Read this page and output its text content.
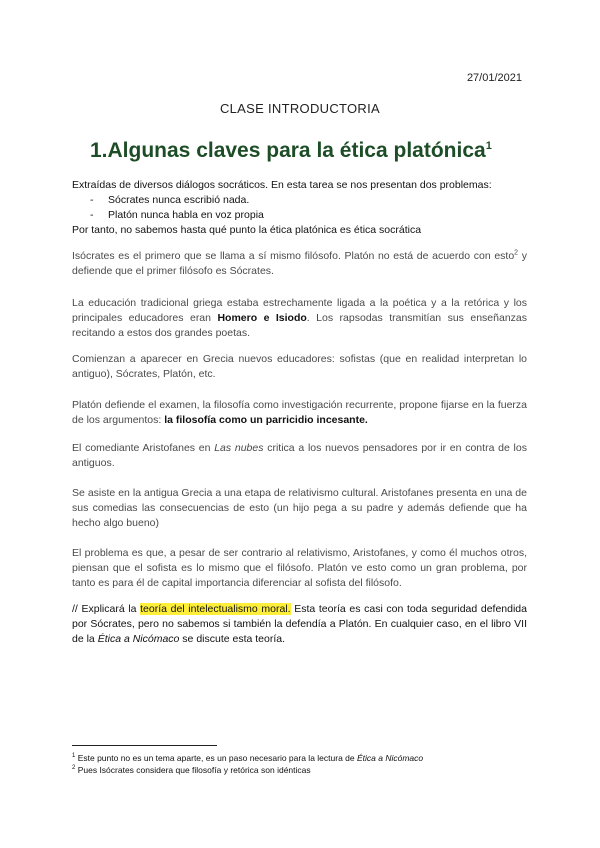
27/01/2021
CLASE INTRODUCTORIA
1.Algunas claves para la ética platónica$^1$
Extraídas de diversos diálogos socráticos. En esta tarea se nos presentan dos problemas:
- Sócrates nunca escribió nada.
- Platón nunca habla en voz propia
Por tanto, no sabemos hasta qué punto la ética platónica es ética socrática
Isócrates es el primero que se llama a sí mismo filósofo. Platón no está de acuerdo con esto$^2$ y defiende que el primer filósofo es Sócrates.
La educación tradicional griega estaba estrechamente ligada a la poética y a la retórica y los principales educadores eran Homero e Isiodo. Los rapsodas transmitían sus enseñanzas recitando a estos dos grandes poetas.
Comienzan a aparecer en Grecia nuevos educadores: sofistas (que en realidad interpretan lo antiguo), Sócrates, Platón, etc.
Platón defiende el examen, la filosofía como investigación recurrente, propone fijarse en la fuerza de los argumentos: la filosofía como un parricidio incesante.
El comediante Aristofanes en Las nubes critica a los nuevos pensadores por ir en contra de los antiguos.
Se asiste en la antigua Grecia a una etapa de relativismo cultural. Aristofanes presenta en una de sus comedias las consecuencias de esto (un hijo pega a su padre y además defiende que ha hecho algo bueno)
El problema es que, a pesar de ser contrario al relativismo, Aristofanes, y como él muchos otros, piensan que el sofista es lo mismo que el filósofo. Platón ve esto como un gran problema, por tanto es para él de capital importancia diferenciar al sofista del filósofo.
// Explicará la teoría del intelectualismo moral. Esta teoría es casi con toda seguridad defendida por Sócrates, pero no sabemos si también la defendía a Platón. En cualquier caso, en el libro VII de la Ética a Nicómaco se discute esta teoría.
$^1$ Este punto no es un tema aparte, es un paso necesario para la lectura de Ética a Nicómaco
$^2$ Pues Isócrates considera que filosofía y retórica son idénticas
